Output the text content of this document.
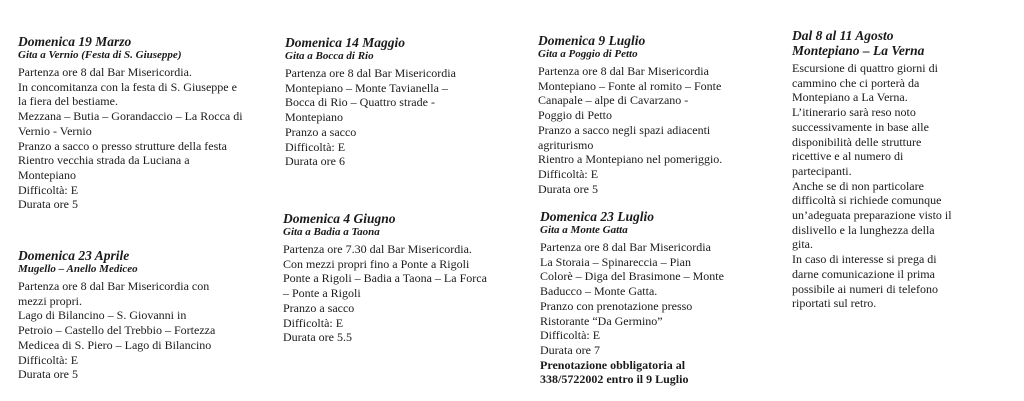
Domenica 19 Marzo
Gita a Vernio (Festa di S. Giuseppe)
Partenza ore 8 dal Bar Misericordia.
In concomitanza con la festa di S. Giuseppe e
la fiera del bestiame.
Mezzana – Butia – Gorandaccio – La Rocca di
Vernio - Vernio
Pranzo a sacco o presso strutture della festa
Rientro vecchia strada da Luciana a
Montepiano
Difficoltà: E
Durata ore 5
Domenica 23 Aprile
Mugello – Anello Mediceo
Partenza ore 8 dal Bar Misericordia con
mezzi propri.
Lago di Bilancino – S. Giovanni in
Petroio – Castello del Trebbio – Fortezza
Medicea di S. Piero – Lago di Bilancino
Difficoltà: E
Durata ore 5
Domenica 14 Maggio
Gita a Bocca di Rio
Partenza ore 8 dal Bar Misericordia
Montepiano – Monte Tavianella –
Bocca di Rio – Quattro strade -
Montepiano
Pranzo a sacco
Difficoltà: E
Durata ore 6
Domenica 4 Giugno
Gita a Badia a Taona
Partenza ore 7.30 dal Bar Misericordia.
Con mezzi propri fino a Ponte a Rigoli
Ponte a Rigoli – Badia a Taona – La Forca
– Ponte a Rigoli
Pranzo a sacco
Difficoltà: E
Durata ore 5.5
Domenica 9 Luglio
Gita a Poggio di Petto
Partenza ore 8 dal Bar Misericordia
Montepiano – Fonte al romito – Fonte
Canapale – alpe di Cavarzano -
Poggio di Petto
Pranzo a sacco negli spazi adiacenti
agriturismo
Rientro a Montepiano nel pomeriggio.
Difficoltà: E
Durata ore 5
Domenica 23 Luglio
Gita a Monte Gatta
Partenza ore 8 dal Bar Misericordia
La Storaia – Spinareccia – Pian
Colorè – Diga del Brasimone – Monte
Baducco – Monte Gatta.
Pranzo con prenotazione presso
Ristorante “Da Germino”
Difficoltà: E
Durata ore 7
Prenotazione obbligatoria al
338/5722002 entro il 9 Luglio
Dal 8 al 11 Agosto
Montepiano – La Verna
Escursione di quattro giorni di
cammino che ci porterà da
Montepiano a La Verna.
L’itinerario sarà reso noto
successivamente in base alle
disponibilità delle strutture
ricettive e al numero di
partecipanti.
Anche se di non particolare
difficoltà si richiede comunque
un’adeguata preparazione visto il
dislivello e la lunghezza della
gita.
In caso di interesse si prega di
darne comunicazione il prima
possibile ai numeri di telefono
riportati sul retro.
